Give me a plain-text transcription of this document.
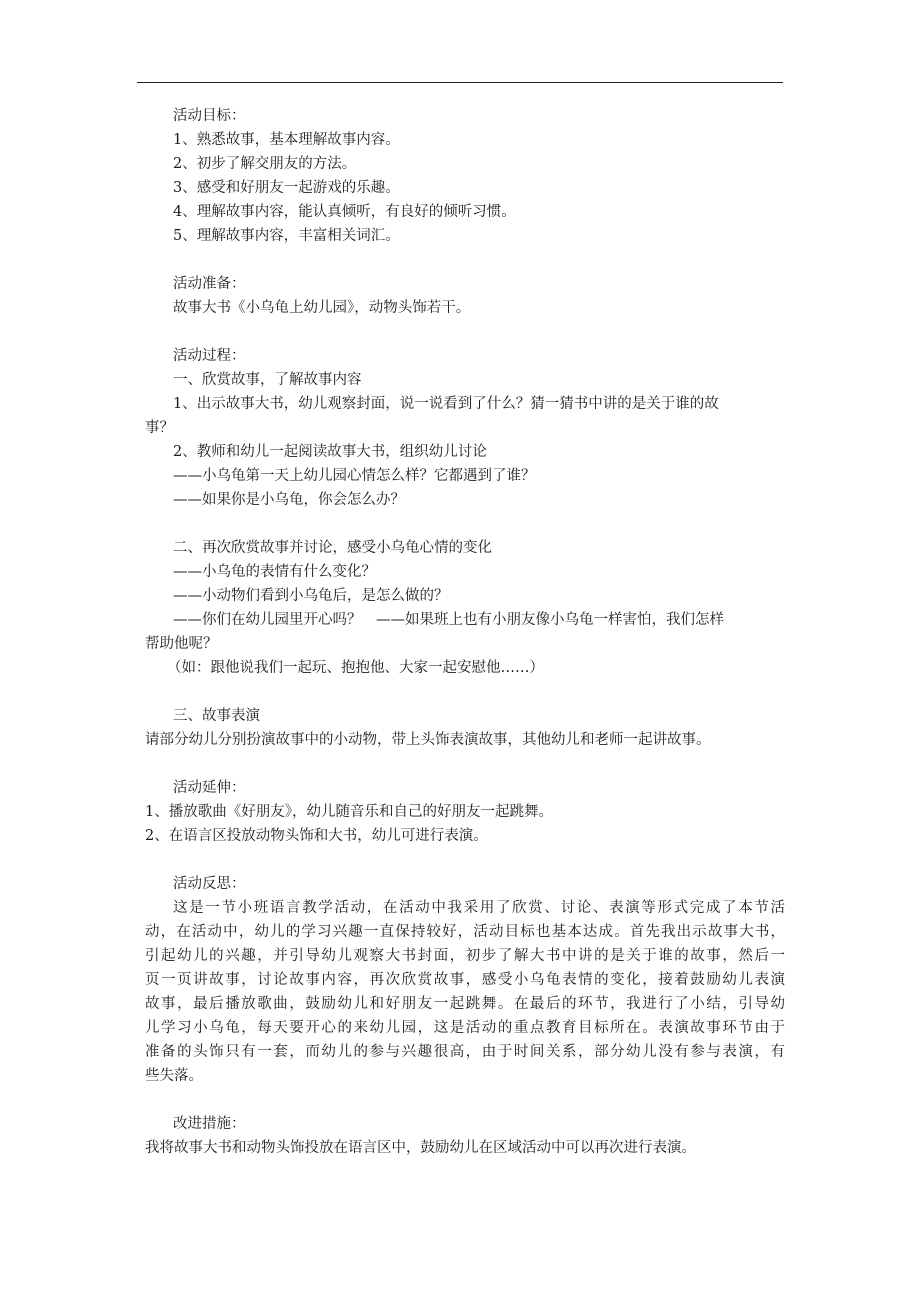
活动目标：
1、熟悉故事，基本理解故事内容。
2、初步了解交朋友的方法。
3、感受和好朋友一起游戏的乐趣。
4、理解故事内容，能认真倾听，有良好的倾听习惯。
5、理解故事内容，丰富相关词汇。
活动准备：
故事大书《小乌龟上幼儿园》，动物头饰若干。
活动过程：
一、欣赏故事，了解故事内容
1、出示故事大书，幼儿观察封面，说一说看到了什么？猜一猜书中讲的是关于谁的故
事？
2、教师和幼儿一起阅读故事大书，组织幼儿讨论
——小乌龟第一天上幼儿园心情怎么样？它都遇到了谁？
——如果你是小乌龟，你会怎么办？
二、再次欣赏故事并讨论，感受小乌龟心情的变化
——小乌龟的表情有什么变化？
——小动物们看到小乌龟后，是怎么做的？
——你们在幼儿园里开心吗？　——如果班上也有小朋友像小乌龟一样害怕，我们怎样
帮助他呢？
（如：跟他说我们一起玩、抱抱他、大家一起安慰他……）
三、故事表演
请部分幼儿分别扮演故事中的小动物，带上头饰表演故事，其他幼儿和老师一起讲故事。
活动延伸：
1、播放歌曲《好朋友》，幼儿随音乐和自己的好朋友一起跳舞。
2、在语言区投放动物头饰和大书，幼儿可进行表演。
活动反思：
这是一节小班语言教学活动，在活动中我采用了欣赏、讨论、表演等形式完成了本节活
动，在活动中，幼儿的学习兴趣一直保持较好，活动目标也基本达成。首先我出示故事大书，
引起幼儿的兴趣，并引导幼儿观察大书封面，初步了解大书中讲的是关于谁的故事，然后一
页一页讲故事，讨论故事内容，再次欣赏故事，感受小乌龟表情的变化，接着鼓励幼儿表演
故事，最后播放歌曲，鼓励幼儿和好朋友一起跳舞。在最后的环节，我进行了小结，引导幼
儿学习小乌龟，每天要开心的来幼儿园，这是活动的重点教育目标所在。表演故事环节由于
准备的头饰只有一套，而幼儿的参与兴趣很高，由于时间关系，部分幼儿没有参与表演，有
些失落。
改进措施：
我将故事大书和动物头饰投放在语言区中，鼓励幼儿在区域活动中可以再次进行表演。
